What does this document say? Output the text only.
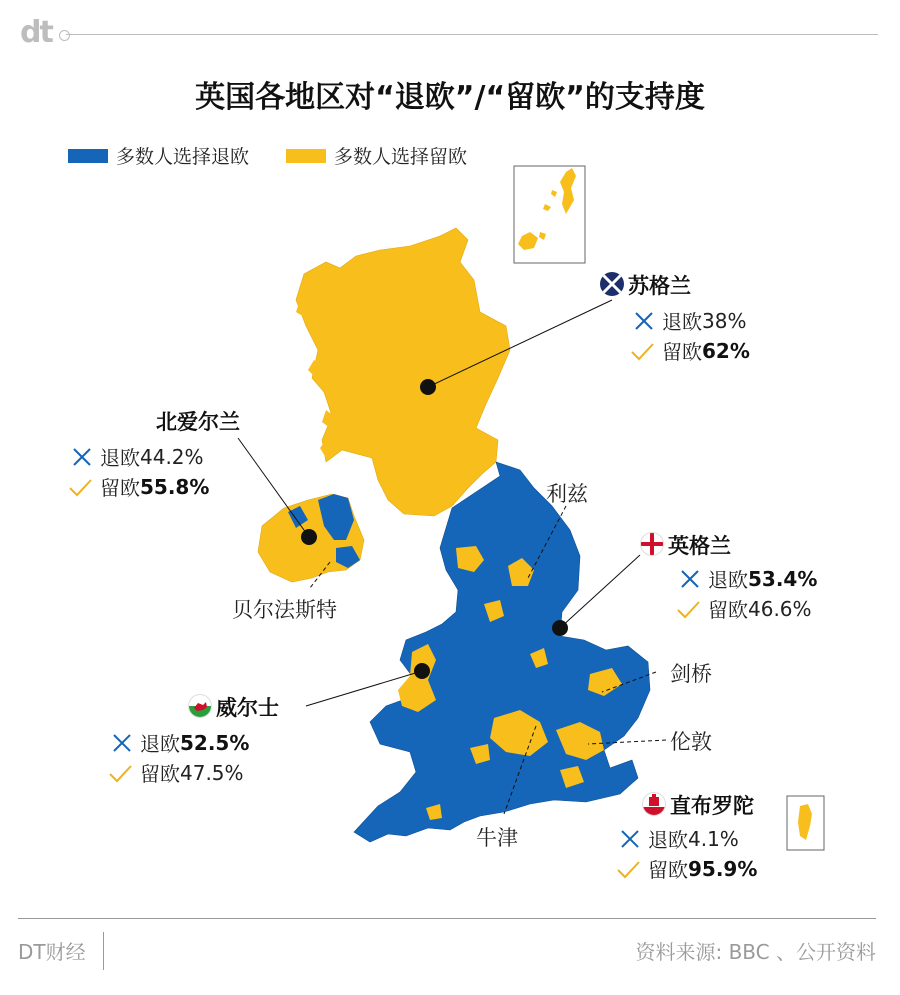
dt
英国各地区对“退欧”/“留欧”的支持度
多数人选择退欧	多数人选择留欧
苏格兰
退欧 38%
留欧 62%
北爱尔兰
退欧 44.2%
留欧 55.8%
英格兰
退欧 53.4%
留欧 46.6%
威尔士
退欧 52.5%
留欧 47.5%
直布罗陀
退欧 4.1%
留欧 95.9%
利兹
贝尔法斯特
剑桥
伦敦
牛津
DT财经	资料来源: BBC 、公开资料
